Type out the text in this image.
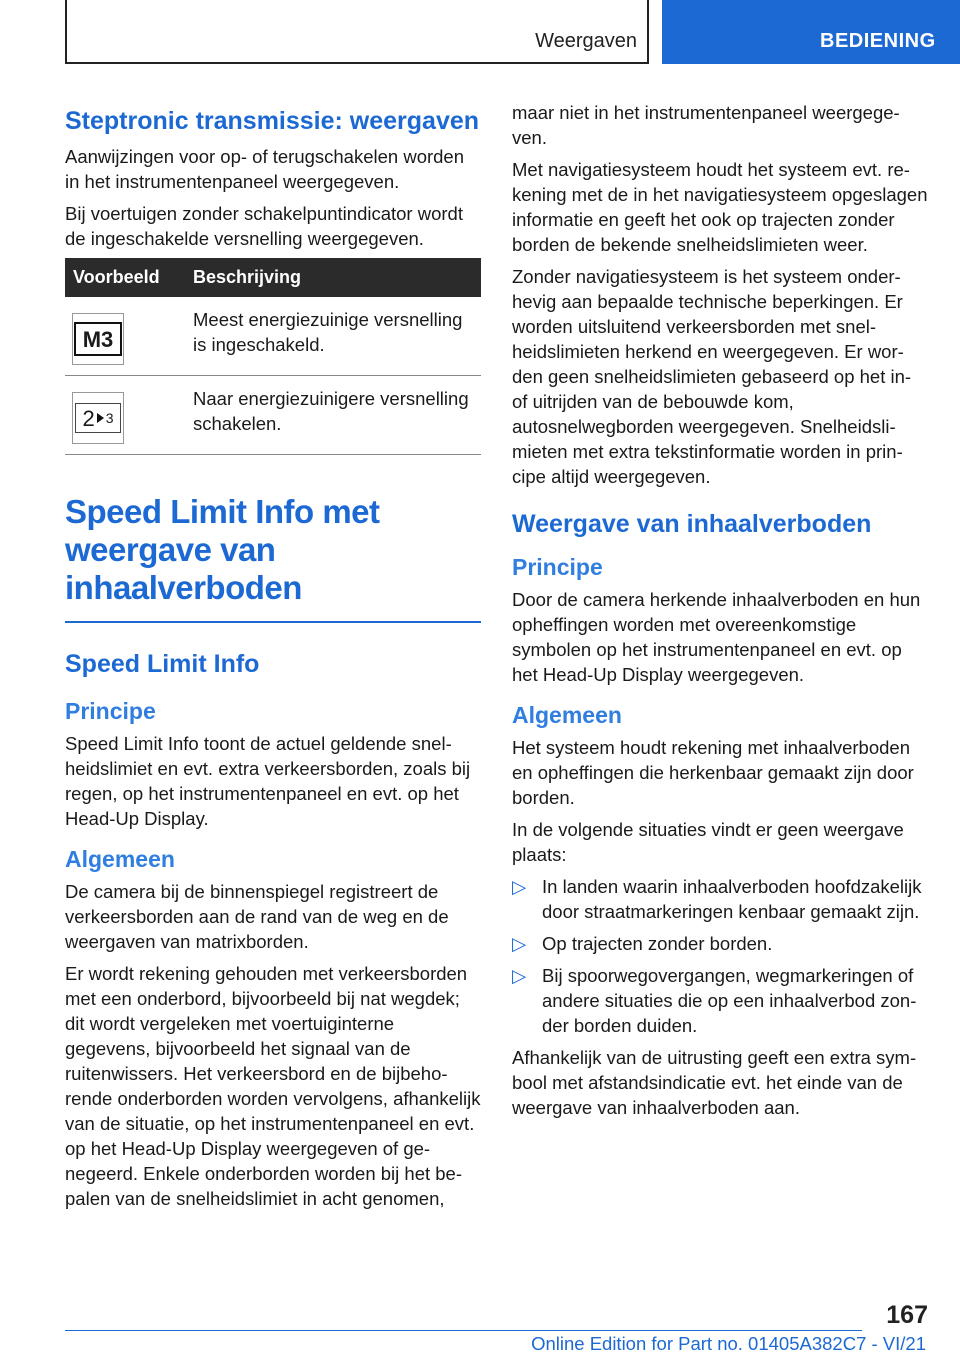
Weergaven	BEDIENING
Steptronic transmissie: weergaven

Aanwijzingen voor op- of terugschakelen worden in het instrumentenpaneel weergegeven.

Bij voertuigen zonder schakelpuntindicator wordt de ingeschakelde versnelling weergegeven.

Voorbeeld	Beschrijving

M3	Meest energiezuinige versnelling is ingeschakeld.

2 3	Naar energiezuinigere versnelling schakelen.
Speed Limit Info met weergave van inhaalverboden
Speed Limit Info
Principe

Speed Limit Info toont de actuel geldende snelheidslimiet en evt. extra verkeersborden, zoals bij regen, op het instrumentenpaneel en evt. op het Head-Up Display.

Algemeen

De camera bij de binnenspiegel registreert de verkeersborden aan de rand van de weg en de weergaven van matrixborden.

Er wordt rekening gehouden met verkeersborden met een onderbord, bijvoorbeeld bij nat wegdek; dit wordt vergeleken met voertuiginterne gegevens, bijvoorbeeld het signaal van de ruitenwissers. Het verkeersbord en de bijbehorende onderborden worden vervolgens, afhankelijk van de situatie, op het instrumentenpaneel en evt. op het Head-Up Display weergegeven of genegeerd. Enkele onderborden worden bij het bepalen van de snelheidslimiet in acht genomen,

maar niet in het instrumentenpaneel weergegeven.

Met navigatiesysteem houdt het systeem evt. rekening met de in het navigatiesysteem opgeslagen informatie en geeft het ook op trajecten zonder borden de bekende snelheidslimieten weer.

Zonder navigatiesysteem is het systeem onderhevig aan bepaalde technische beperkingen. Er worden uitsluitend verkeersborden met snelheidslimieten herkend en weergegeven. Er worden geen snelheidslimieten gebaseerd op het in- of uitrijden van de bebouwde kom, autosnelwegborden weergegeven. Snelheidslimieten met extra tekstinformatie worden in principe altijd weergegeven.

Weergave van inhaalverboden
Principe

Door de camera herkende inhaalverboden en hun opheffingen worden met overeenkomstige symbolen op het instrumentenpaneel en evt. op het Head-Up Display weergegeven.

Algemeen

Het systeem houdt rekening met inhaalverboden en opheffingen die herkenbaar gemaakt zijn door borden.

In de volgende situaties vindt er geen weergave plaats:

▷ In landen waarin inhaalverboden hoofdzakelijk door straatmarkeringen kenbaar gemaakt zijn.
▷ Op trajecten zonder borden.
▷ Bij spoorwegovergangen, wegmarkeringen of andere situaties die op een inhaalverbod zonder borden duiden.

Afhankelijk van de uitrusting geeft een extra symbool met afstandsindicatie evt. het einde van de weergave van inhaalverboden aan.

167
Online Edition for Part no. 01405A382C7 - VI/21
